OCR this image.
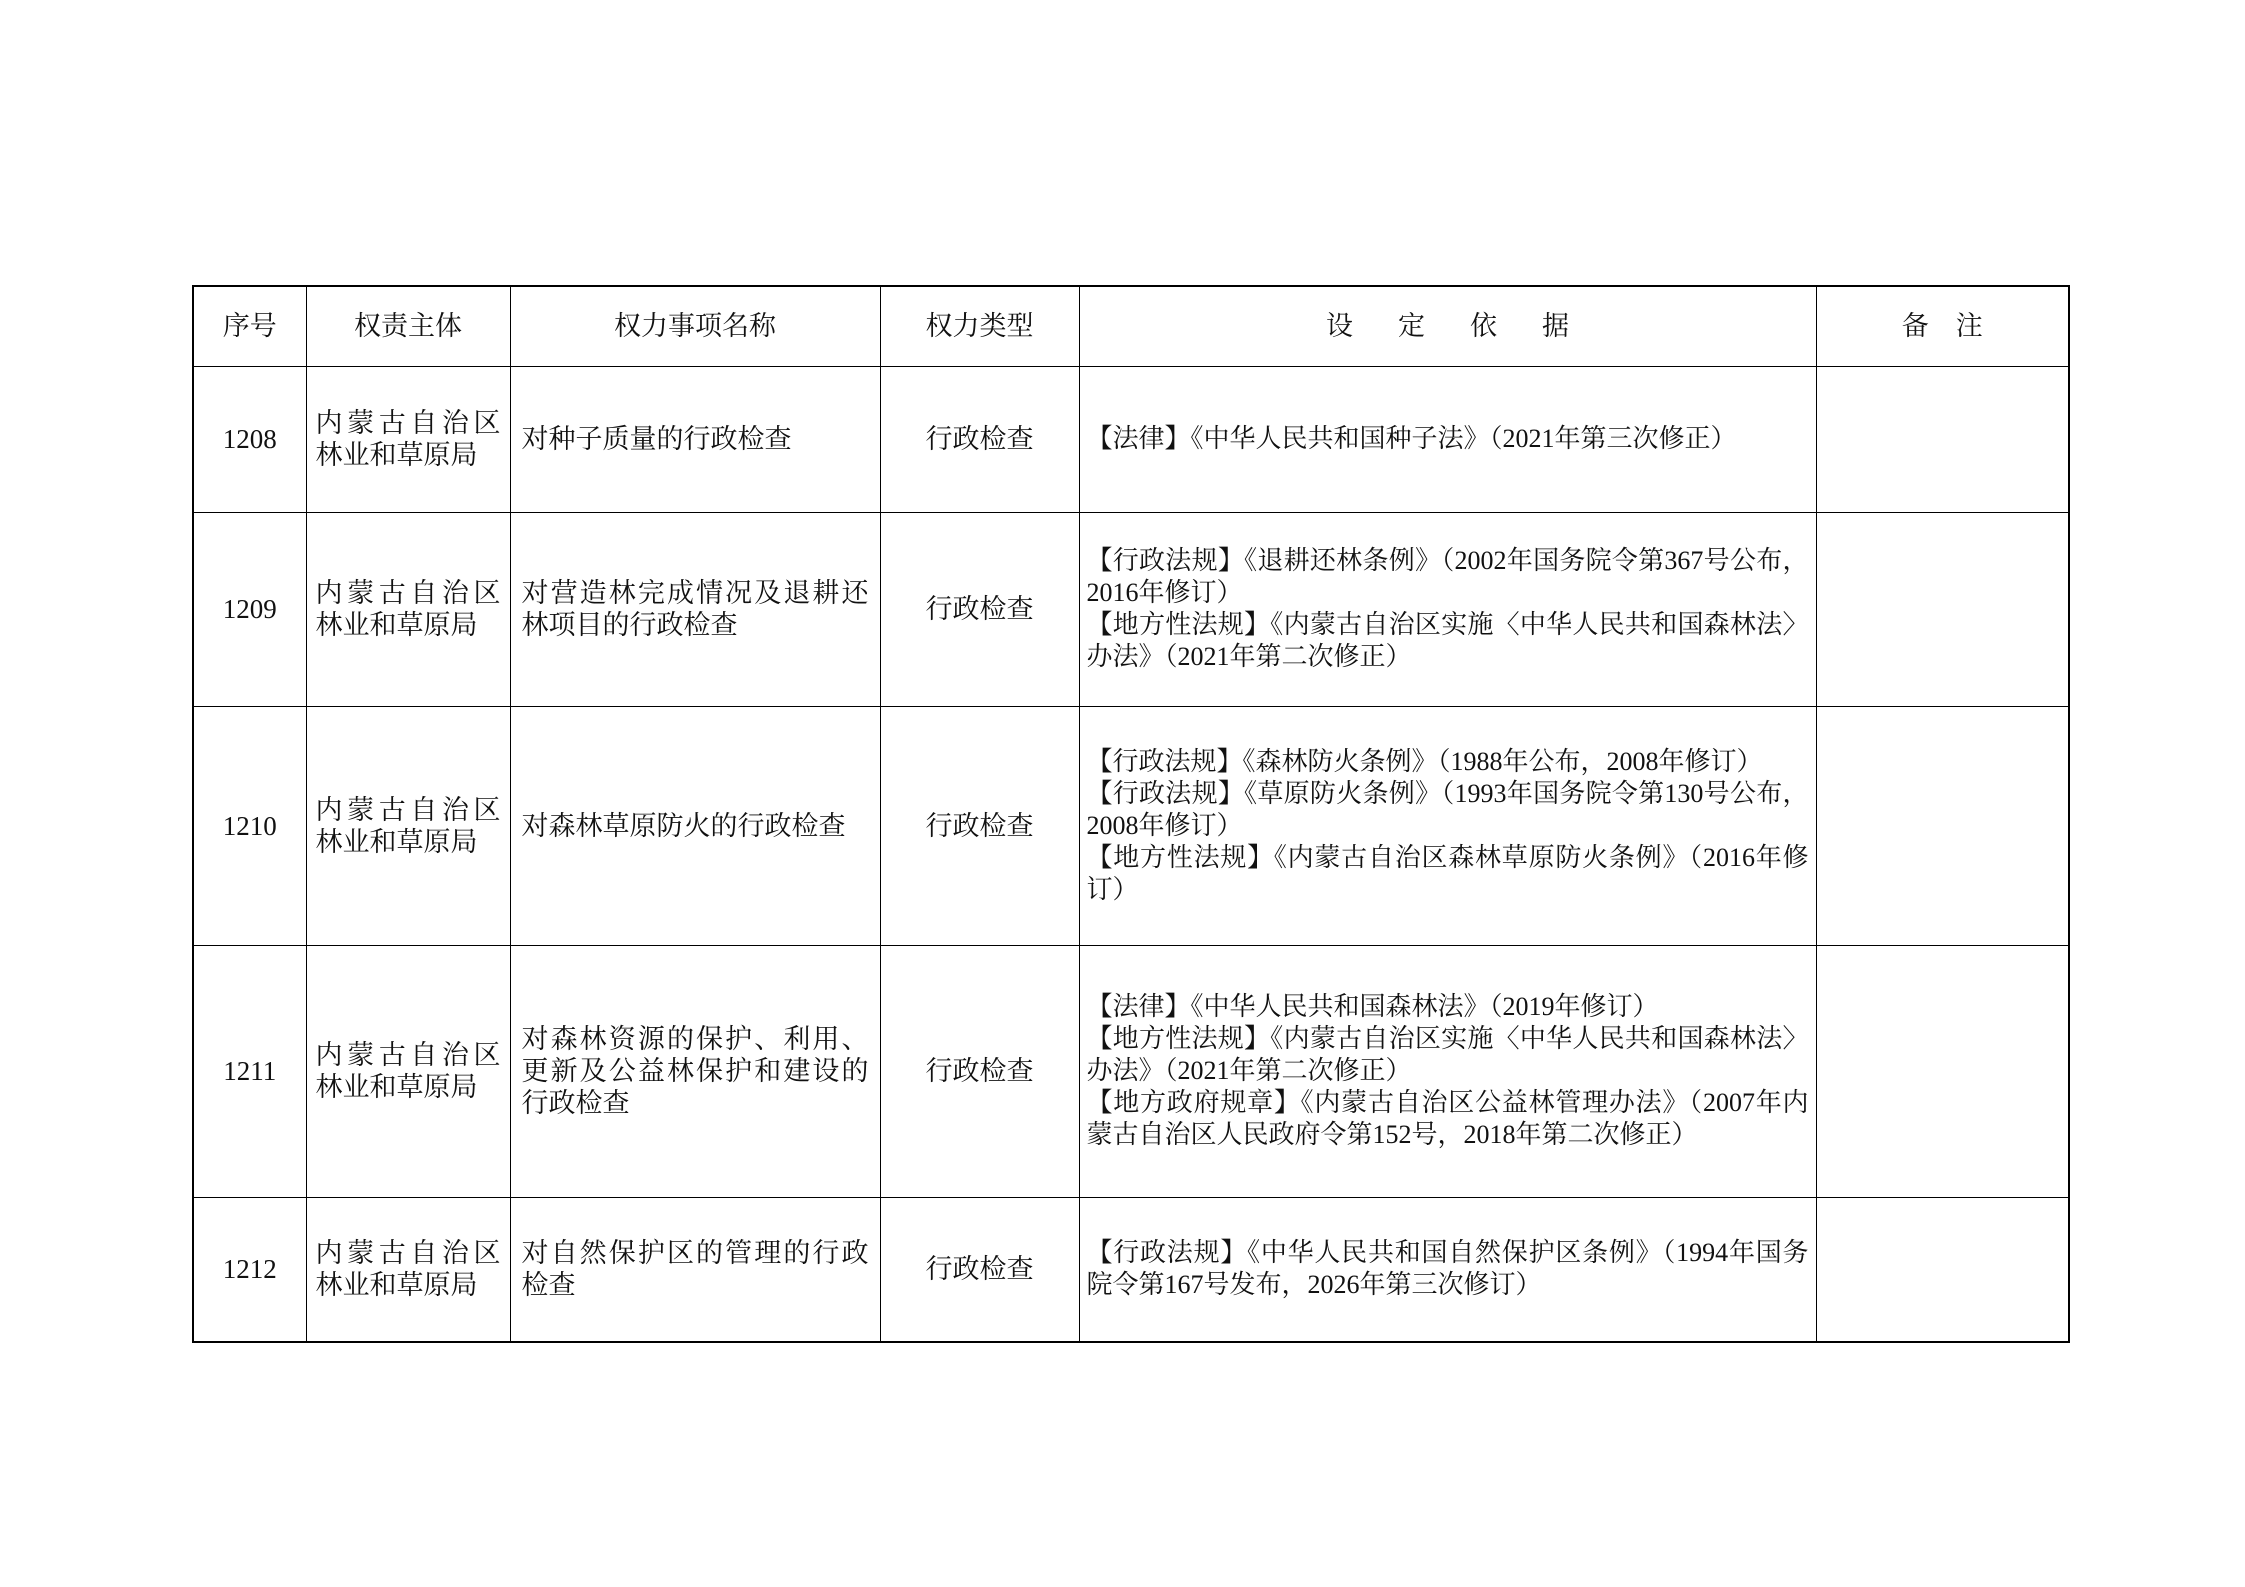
序号	权责主体	权力事项名称	权力类型	设　定　依　据	备　注
1208	内蒙古自治区林业和草原局	对种子质量的行政检查	行政检查	【法律】《中华人民共和国种子法》（2021年第三次修正）	

1209	内蒙古自治区林业和草原局	对营造林完成情况及退耕还林项目的行政检查	行政检查	【行政法规】《退耕还林条例》（2002年国务院令第367号公布，2016年修订）
【地方性法规】《内蒙古自治区实施〈中华人民共和国森林法〉办法》（2021年第二次修正）	

1210	内蒙古自治区林业和草原局	对森林草原防火的行政检查	行政检查	【行政法规】《森林防火条例》（1988年公布，2008年修订）
【行政法规】《草原防火条例》（1993年国务院令第130号公布，2008年修订）
【地方性法规】《内蒙古自治区森林草原防火条例》（2016年修订）	

1211	内蒙古自治区林业和草原局	对森林资源的保护、利用、更新及公益林保护和建设的行政检查	行政检查	【法律】《中华人民共和国森林法》（2019年修订）
【地方性法规】《内蒙古自治区实施〈中华人民共和国森林法〉办法》（2021年第二次修正）
【地方政府规章】《内蒙古自治区公益林管理办法》（2007年内蒙古自治区人民政府令第152号，2018年第二次修正）	

1212	内蒙古自治区林业和草原局	对自然保护区的管理的行政检查	行政检查	【行政法规】《中华人民共和国自然保护区条例》（1994年国务院令第167号发布，2026年第三次修订）	
